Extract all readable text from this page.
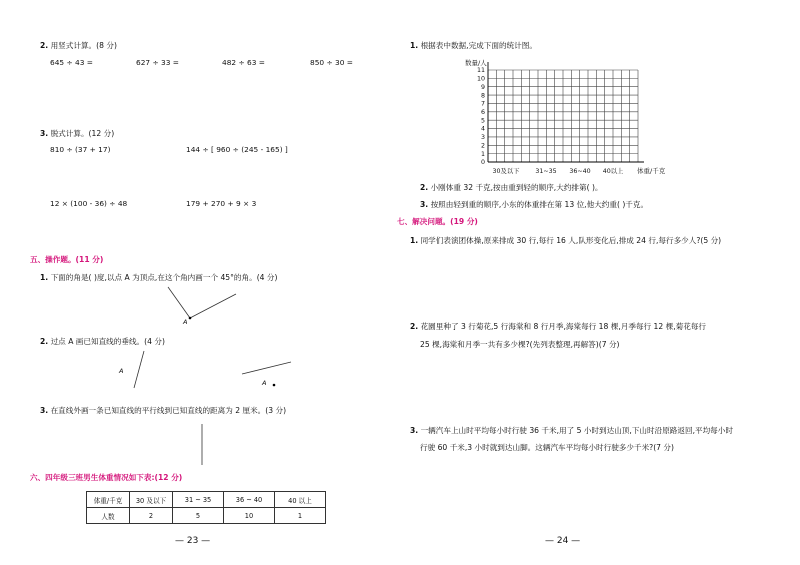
2. 用竖式计算。(8 分)
645 ÷ 43 =	627 ÷ 33 =	482 ÷ 63 =	850 ÷ 30 =
3. 脱式计算。(12 分)
810 ÷ (37 + 17)	144 ÷ [ 960 ÷ (245 - 165) ]
12 × (100 - 36) ÷ 48	179 + 270 + 9 × 3
五、操作题。(11 分)
1. 下面的角是( )度,以点 A 为顶点,在这个角内画一个 45°的角。(4 分)
A
2. 过点 A 画已知直线的垂线。(4 分)
A
A
3. 在直线外画一条已知直线的平行线到已知直线的距离为 2 厘米。(3 分)
六、四年级三班男生体重情况如下表:(12 分)
体重/千克	30 及以下	31 ~ 35	36 ~ 40	40 以上
人数	2	5	10	1
— 23 —
1. 根据表中数据,完成下面的统计图。
数量/人
11
10
9
8
7
6
5
4
3
2
1
0
30及以下	31~35 36~40 40以上 体重/千克
2. 小刚体重 32 千克,按由重到轻的顺序,大约排第( )。
3. 按照由轻到重的顺序,小东的体重排在第 13 位,他大约重( )千克。
七、解决问题。(19 分)
1. 同学们表演团体操,原来排成 30 行,每行 16 人,队形变化后,排成 24 行,每行多少人?(5 分)
2. 花園里种了 3 行菊花,5 行海棠和 8 行月季,海棠每行 18 棵,月季每行 12 棵,菊花每行
25 棵,海棠和月季一共有多少棵?(先列表整理,再解答)(7 分)
3. 一辆汽车上山时平均每小时行驶 36 千米,用了 5 小时到达山顶,下山时沿原路返回,平均每小时
行驶 60 千米,3 小时就到达山脚。这辆汽车平均每小时行驶多少千米?(7 分)
— 24 —
